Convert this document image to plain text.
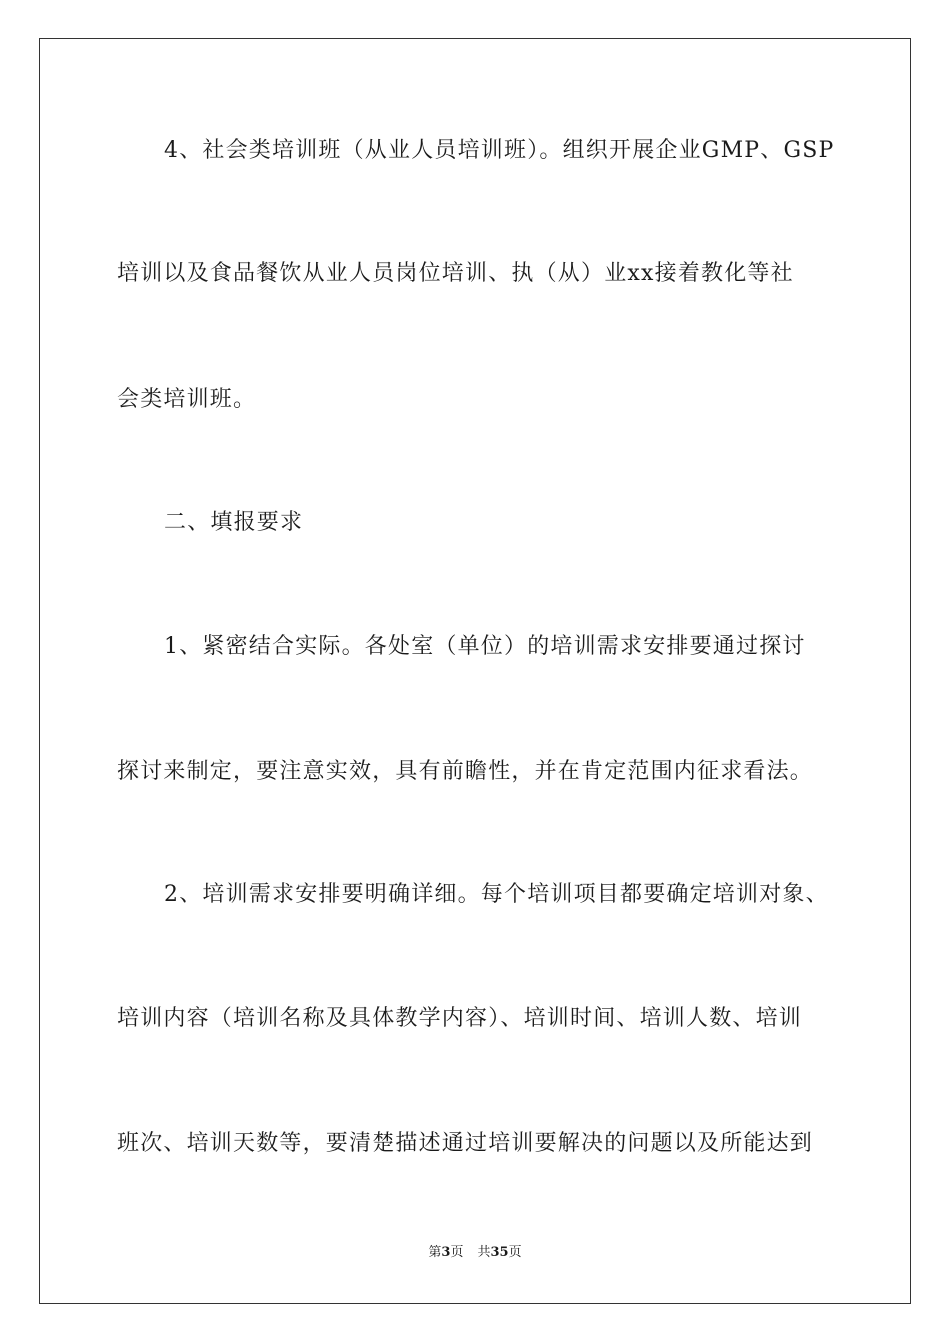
4、社会类培训班（从业人员培训班）。组织开展企业GMP、GSP
培训以及食品餐饮从业人员岗位培训、执（从）业xx接着教化等社
会类培训班。
二、填报要求
1、紧密结合实际。各处室（单位）的培训需求安排要通过探讨
探讨来制定，要注意实效，具有前瞻性，并在肯定范围内征求看法。
2、培训需求安排要明确详细。每个培训项目都要确定培训对象、
培训内容（培训名称及具体教学内容）、培训时间、培训人数、培训
班次、培训天数等，要清楚描述通过培训要解决的问题以及所能达到
第3页 共35页
